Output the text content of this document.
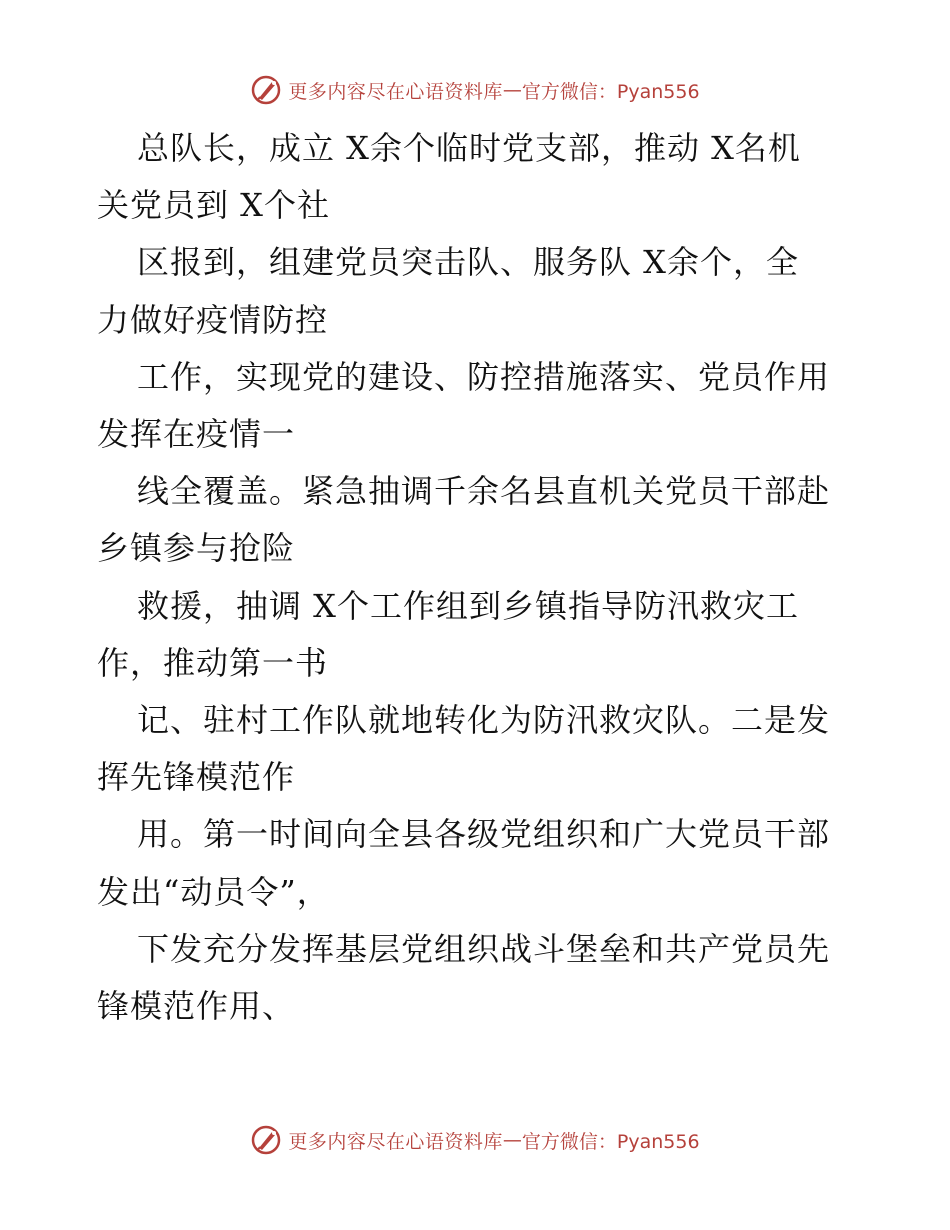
更多内容尽在心语资料库 — 官方微信：Pyan556
总队长，成立 X余个临时党支部，推动 X名机
关党员到 X个社
区报到，组建党员突击队、服务队 X余个，全
力做好疫情防控
工作，实现党的建设、防控措施落实、党员作用
发挥在疫情一
线全覆盖。紧急抽调千余名县直机关党员干部赴
乡镇参与抢险
救援，抽调 X个工作组到乡镇指导防汛救灾工
作，推动第一书
记、驻村工作队就地转化为防汛救灾队。二是发
挥先锋模范作
用。第一时间向全县各级党组织和广大党员干部
发出“动员令”，
下发充分发挥基层党组织战斗堡垒和共产党员先
锋模范作用、
更多内容尽在心语资料库 — 官方微信：Pyan556
